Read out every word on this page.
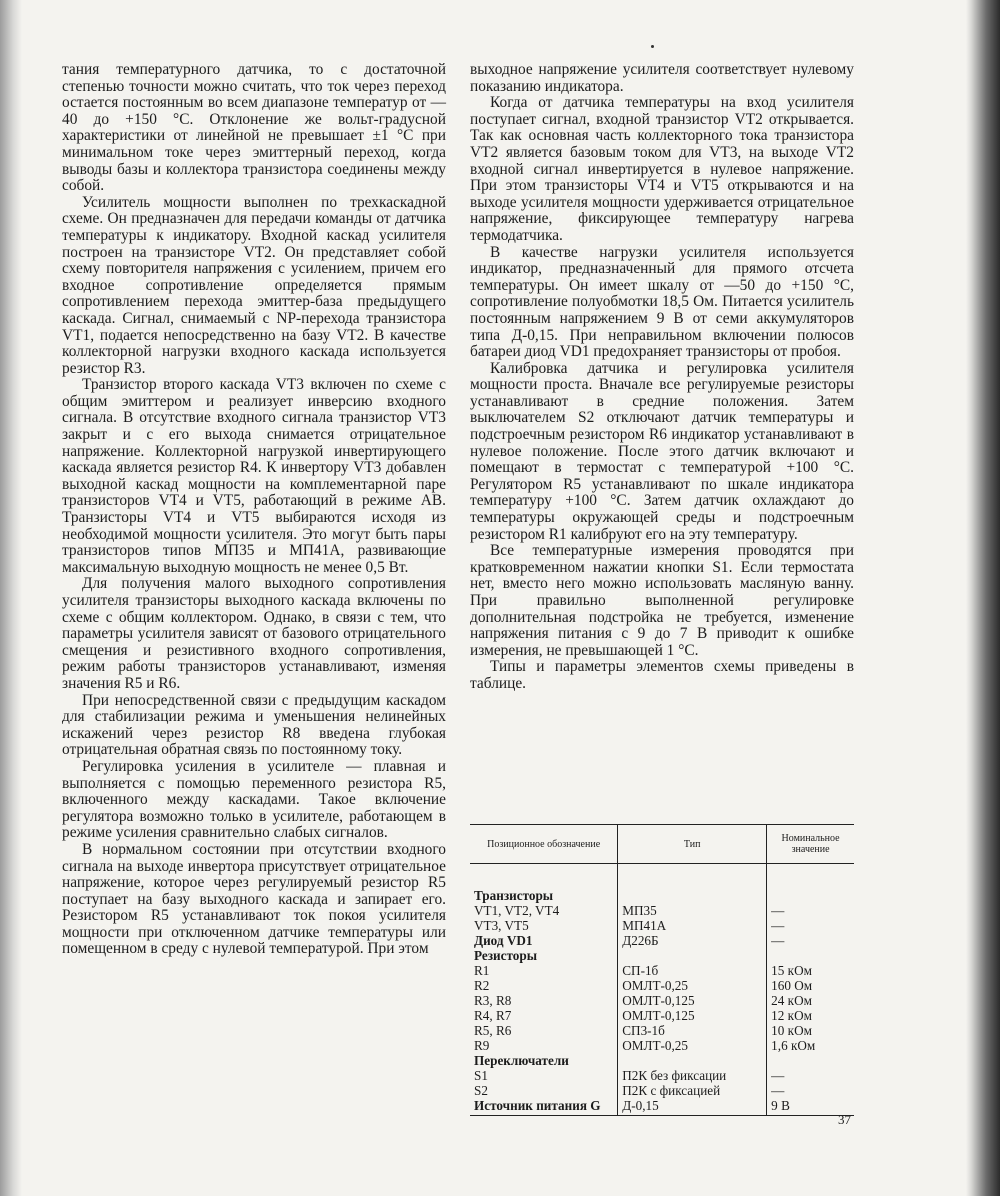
тания температурного датчика, то с достаточной степенью точности можно считать, что ток через переход остается постоянным во всем диапазоне температур от —40 до +150 °С. Отклонение же вольт-градусной характеристики от линейной не превышает ±1 °С при минимальном токе через эмиттерный переход, когда выводы базы и коллектора транзистора соединены между собой.

Усилитель мощности выполнен по трехкаскадной схеме. Он предназначен для передачи команды от датчика температуры к индикатору. Входной каскад усилителя построен на транзисторе VT2. Он представляет собой схему повторителя напряжения с усилением, причем его входное сопротивление определяется прямым сопротивлением перехода эмиттер-база предыдущего каскада. Сигнал, снимаемый с NP-перехода транзистора VT1, подается непосредственно на базу VT2. В качестве коллекторной нагрузки входного каскада используется резистор R3.

Транзистор второго каскада VT3 включен по схеме с общим эмиттером и реализует инверсию входного сигнала. В отсутствие входного сигнала транзистор VT3 закрыт и с его выхода снимается отрицательное напряжение. Коллекторной нагрузкой инвертирующего каскада является резистор R4. К инвертору VT3 добавлен выходной каскад мощности на комплементарной паре транзисторов VT4 и VT5, работающий в режиме АВ. Транзисторы VT4 и VT5 выбираются исходя из необходимой мощности усилителя. Это могут быть пары транзисторов типов МП35 и МП41А, развивающие максимальную выходную мощность не менее 0,5 Вт.

Для получения малого выходного сопротивления усилителя транзисторы выходного каскада включены по схеме с общим коллектором. Однако, в связи с тем, что параметры усилителя зависят от базового отрицательного смещения и резистивного входного сопротивления, режим работы транзисторов устанавливают, изменяя значения R5 и R6.

При непосредственной связи с предыдущим каскадом для стабилизации режима и уменьшения нелинейных искажений через резистор R8 введена глубокая отрицательная обратная связь по постоянному току.

Регулировка усиления в усилителе — плавная и выполняется с помощью переменного резистора R5, включенного между каскадами. Такое включение регулятора возможно только в усилителе, работающем в режиме усиления сравнительно слабых сигналов.

В нормальном состоянии при отсутствии входного сигнала на выходе инвертора присутствует отрицательное напряжение, которое через регулируемый резистор R5 поступает на базу выходного каскада и запирает его. Резистором R5 устанавливают ток покоя усилителя мощности при отключенном датчике температуры или помещенном в среду с нулевой температурой. При этом

выходное напряжение усилителя соответствует нулевому показанию индикатора.

Когда от датчика температуры на вход усилителя поступает сигнал, входной транзистор VT2 открывается. Так как основная часть коллекторного тока транзистора VT2 является базовым током для VT3, на выходе VT2 входной сигнал инвертируется в нулевое напряжение. При этом транзисторы VT4 и VT5 открываются и на выходе усилителя мощности удерживается отрицательное напряжение, фиксирующее температуру нагрева термодатчика.

В качестве нагрузки усилителя используется индикатор, предназначенный для прямого отсчета температуры. Он имеет шкалу от —50 до +150 °С, сопротивление полуобмотки 18,5 Ом. Питается усилитель постоянным напряжением 9 В от семи аккумуляторов типа Д-0,15. При неправильном включении полюсов батареи диод VD1 предохраняет транзисторы от пробоя.

Калибровка датчика и регулировка усилителя мощности проста. Вначале все регулируемые резисторы устанавливают в средние положения. Затем выключателем S2 отключают датчик температуры и подстроечным резистором R6 индикатор устанавливают в нулевое положение. После этого датчик включают и помещают в термостат с температурой +100 °С. Регулятором R5 устанавливают по шкале индикатора температуру +100 °С. Затем датчик охлаждают до температуры окружающей среды и подстроечным резистором R1 калибруют его на эту температуру.

Все температурные измерения проводятся при кратковременном нажатии кнопки S1. Если термостата нет, вместо него можно использовать масляную ванну. При правильно выполненной регулировке дополнительная подстройка не требуется, изменение напряжения питания с 9 до 7 В приводит к ошибке измерения, не превышающей 1 °С.

Типы и параметры элементов схемы приведены в таблице.

Позиционное обозначение	Тип	Номинальное значение

Транзисторы		
VT1, VT2, VT4	МП35	—
VT3, VT5	МП41А	—
Диод VD1	Д226Б	—
Резисторы		
R1	СП-1б	15 кОм
R2	ОМЛТ-0,25	160 Ом
R3, R8	ОМЛТ-0,125	24 кОм
R4, R7	ОМЛТ-0,125	12 кОм
R5, R6	СП3-1б	10 кОм
R9	ОМЛТ-0,25	1,6 кОм
Переключатели		
S1	П2К без фиксации	—
S2	П2К с фиксацией	—
Источник питания G	Д-0,15	9 В
37
